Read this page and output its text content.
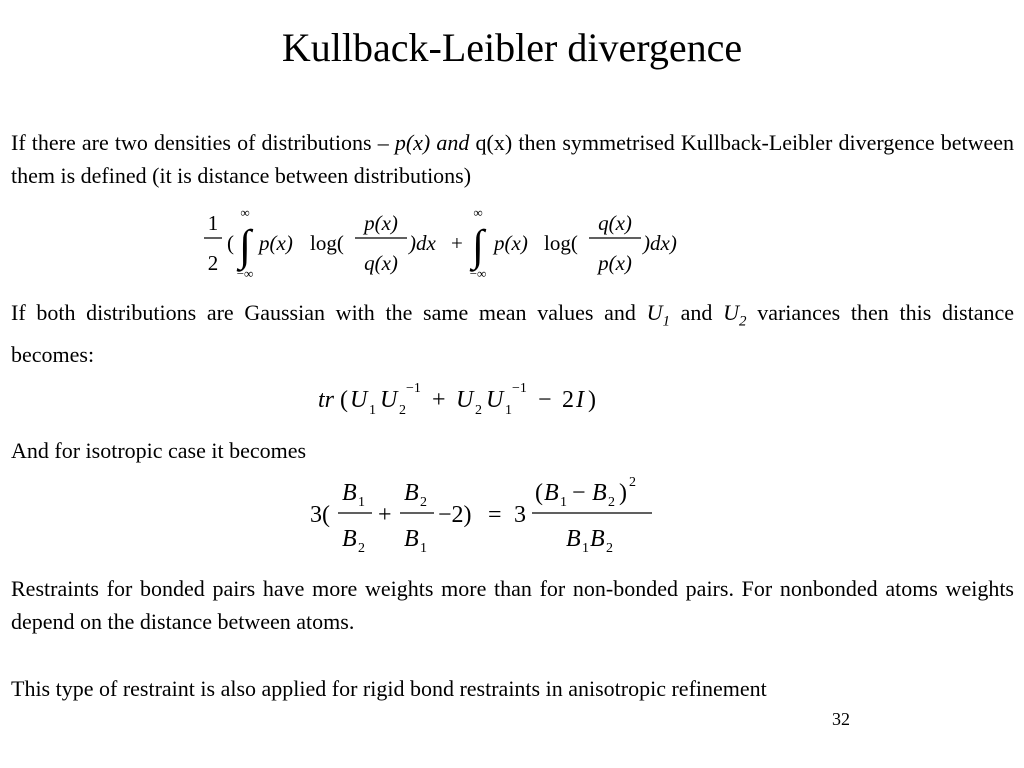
Kullback-Leibler divergence
If there are two densities of distributions – p(x) and q(x) then symmetrised Kullback-Leibler divergence between them is defined (it is distance between distributions)
1
2
(
∞
∫
−∞
p(x) log(
p(x)
q(x)
)dx +
∞
∫
−∞
p(x) log(
q(x)
p(x)
)dx)
If both distributions are Gaussian with the same mean values and $U_1$ and $U_2$ variances then this distance becomes:
tr ( U 1 U 2
−1 + U 2 U 1
−1 − 2 I )
And for isotropic case it becomes
3(
B 1
B 2
+
B 2
B 1
−2) = 3
( B 1 − B 2 ) 2
B 1 B 2
Restraints for bonded pairs have more weights more than for non-bonded pairs. For nonbonded atoms weights depend on the distance between atoms.
This type of restraint is also applied for rigid bond restraints in anisotropic refinement
32
